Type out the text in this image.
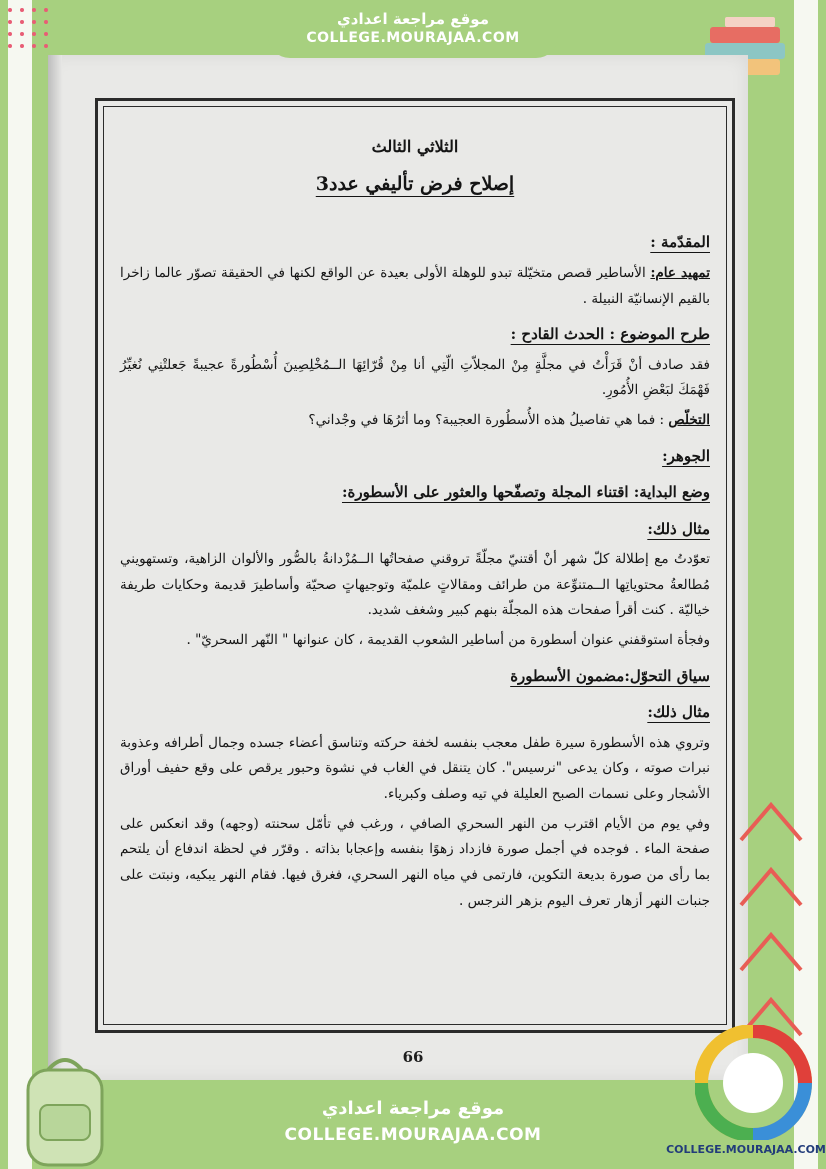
موقع مراجعة اعدادي
COLLEGE.MOURAJAA.COM
الثلاثي الثالث
إصلاح فرض تأليفي عدد3
المقدّمة :
تمهيد عام: الأساطير قصص متخيّلة تبدو للوهلة الأولى بعيدة عن الواقع لكنها في الحقيقة تصوّر عالما زاخرا بالقيم الإنسانيّة النبيلة .
طرح الموضوع : الحدث القادح :
فقد صادف أنْ قَرَأْتُ في مجلَّةٍ مِنْ المجلاّتِ الّتِي أنا مِنْ قُرّائِهَا الــمُخْلِصِينَ أُسْطُورةً عجيبةً جَعلتْنِي نُغيِّرُ فَهْمَكَ لبَعْضِ الأُمُورِ.
التخلّص : فما هي تفاصيلُ هذه الأُسطُورة العجيبة؟ وما أثرُهَا في وجْداني؟
الجوهر:
وضع البداية: اقتناء المجلة وتصفّحها والعثور على الأسطورة:
مثال ذلك:
تعوّدتُ مع إطلالة كلّ شهر أنْ أقتنيّ مجلّةً تروقني صفحاتُها الــمُزْدانةُ بالصُّور والألوان الزاهية، وتستهويني مُطالعةُ محتوياتِها الــمتنوِّعة من طرائف ومقالاتٍ علميّة وتوجيهاتٍ صحيّة وأساطيرَ قديمة وحكايات طريفة خياليّة . كنت أقرأ صفحات هذه المجلّة بنهم كبير وشغف شديد.
وفجأة استوقفني عنوان أسطورة من أساطير الشعوب القديمة ، كان عنوانها " النّهر السحريّ" .
سياق التحوّل:مضمون الأسطورة
مثال ذلك:
وتروي هذه الأسطورة سيرة طفل معجب بنفسه لخفة حركته وتناسق أعضاء جسده وجمال أطرافه وعذوبة نبرات صوته ، وكان يدعى "نرسيس". كان يتنقل في الغاب في نشوة وحبور يرقص على وقع حفيف أوراق الأشجار وعلى نسمات الصبح العليلة في تيه وصلف وكبرياء.
وفي يوم من الأيام اقترب من النهر السحري الصافي ، ورغب في تأمّل سحنته (وجهه) وقد انعكس على صفحة الماء . فوجده في أجمل صورة فازداد زهوًا بنفسه وإعجابا بذاته . وقرّر في لحظة اندفاع أن يلتحم بما رأى من صورة بديعة التكوين، فارتمى في مياه النهر السحري، فغرق فيها. فقام النهر يبكيه، ونبتت على جنبات النهر أزهار تعرف اليوم بزهر النرجس .
66
COLLEGE.MOURAJAA.COM
موقع مراجعة اعدادي
COLLEGE.MOURAJAA.COM
